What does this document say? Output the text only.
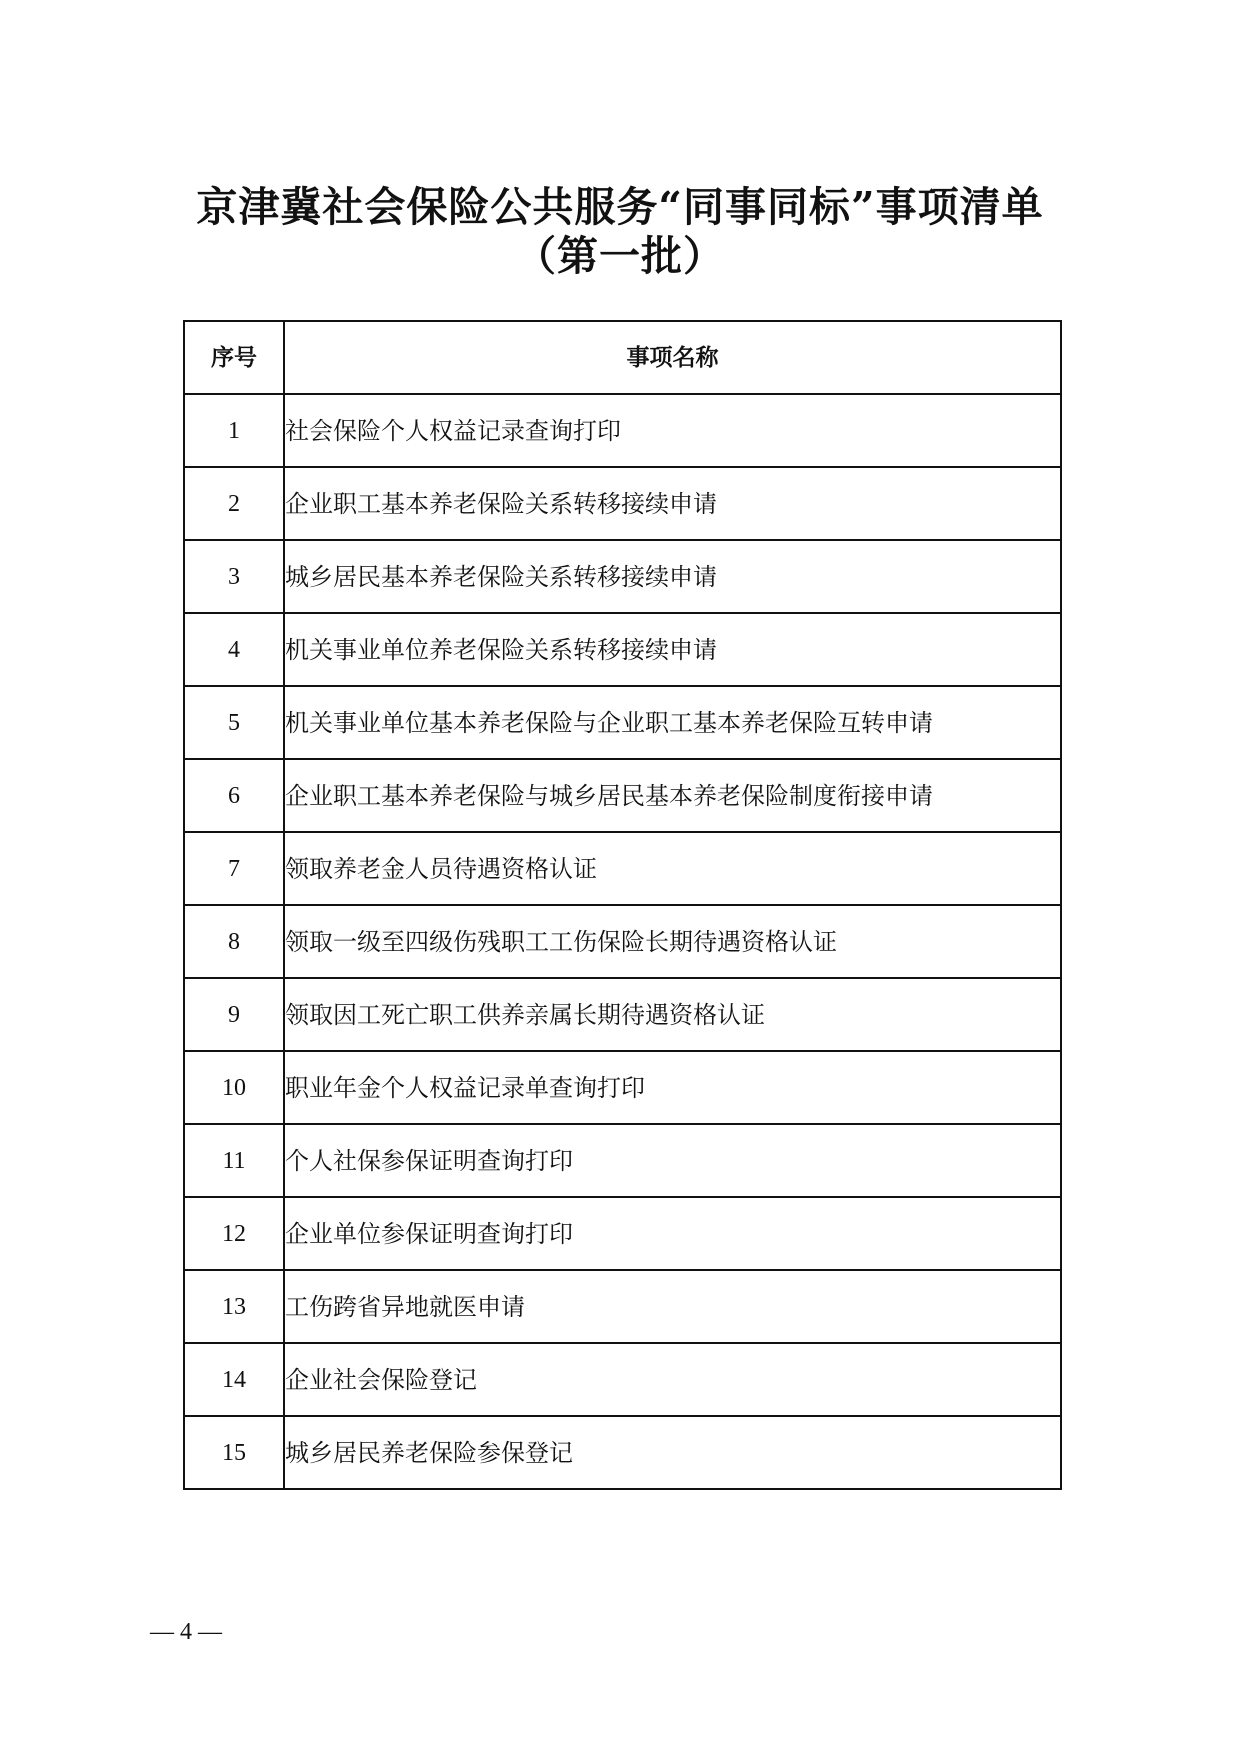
京津冀社会保险公共服务“同事同标”事项清单
（第一批）
序号	事项名称
1	社会保险个人权益记录查询打印
2	企业职工基本养老保险关系转移接续申请
3	城乡居民基本养老保险关系转移接续申请
4	机关事业单位养老保险关系转移接续申请
5	机关事业单位基本养老保险与企业职工基本养老保险互转申请
6	企业职工基本养老保险与城乡居民基本养老保险制度衔接申请
7	领取养老金人员待遇资格认证
8	领取一级至四级伤残职工工伤保险长期待遇资格认证
9	领取因工死亡职工供养亲属长期待遇资格认证
10	职业年金个人权益记录单查询打印
11	个人社保参保证明查询打印
12	企业单位参保证明查询打印
13	工伤跨省异地就医申请
14	企业社会保险登记
15	城乡居民养老保险参保登记
— 4 —
